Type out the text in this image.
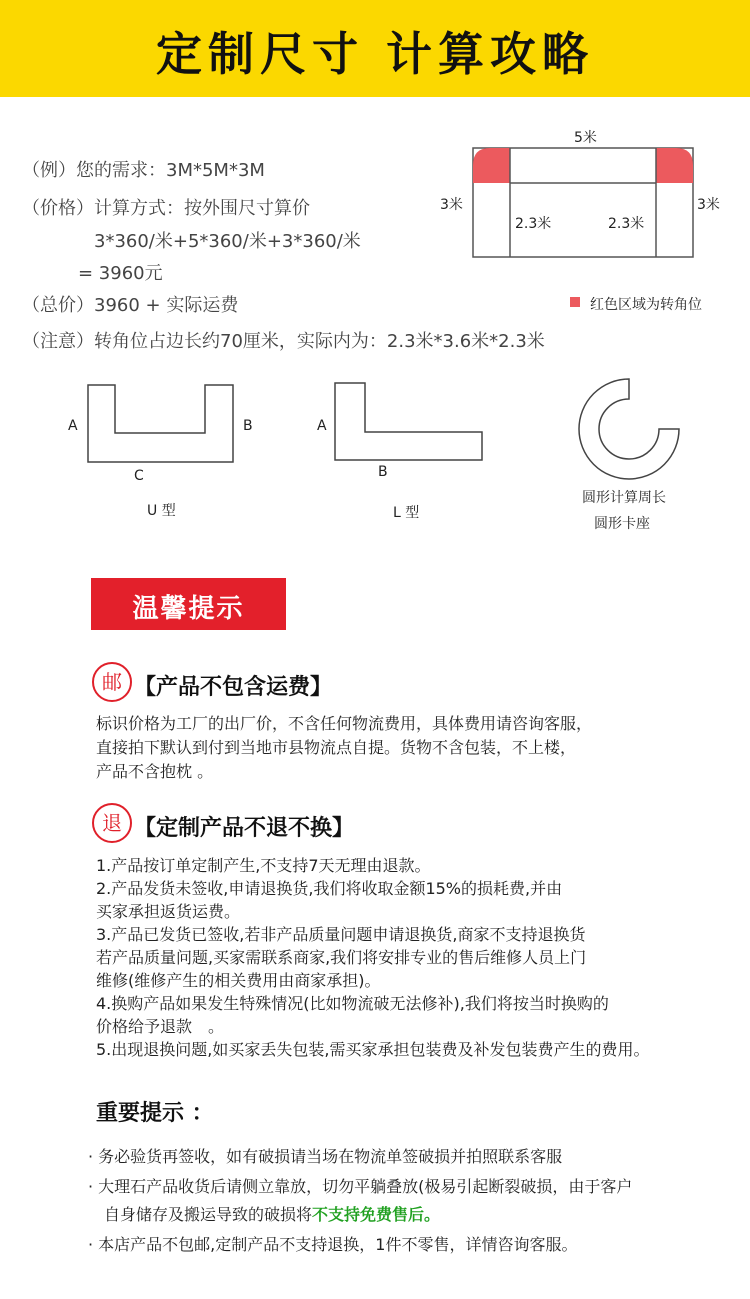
定制尺寸 计算攻略
（例）您的需求：3M*5M*3M
（价格）计算方式：按外围尺寸算价
3*360/米+5*360/米+3*360/米
= 3960元
（总价）3960 + 实际运费
（注意）转角位占边长约70厘米，实际内为：2.3米*3.6米*2.3米
5米
3米	3米
2.3米	2.3米
红色区域为转角位
A	B
C
U 型
A
B
L 型
圆形计算周长
圆形卡座
温馨提示
邮 【产品不包含运费】
标识价格为工厂的出厂价，不含任何物流费用，具体费用请咨询客服，
直接拍下默认到付到当地市县物流点自提。货物不含包装，不上楼，
产品不含抱枕 。
退 【定制产品不退不换】
1.产品按订单定制产生,不支持7天无理由退款。
2.产品发货未签收,申请退换货,我们将收取金额15%的损耗费,并由
买家承担返货运费。
3.产品已发货已签收,若非产品质量问题申请退换货,商家不支持退换货
若产品质量问题,买家需联系商家,我们将安排专业的售后维修人员上门
维修(维修产生的相关费用由商家承担)。
4.换购产品如果发生特殊情况(比如物流破无法修补),我们将按当时换购的
价格给予退款　。
5.出现退换问题,如买家丢失包装,需买家承担包装费及补发包装费产生的费用。
重要提示 ：
· 务必验货再签收，如有破损请当场在物流单签破损并拍照联系客服
· 大理石产品收货后请侧立靠放，切勿平躺叠放(极易引起断裂破损，由于客户
自身储存及搬运导致的破损将不支持免费售后。
· 本店产品不包邮,定制产品不支持退换，1件不零售，详情咨询客服。
